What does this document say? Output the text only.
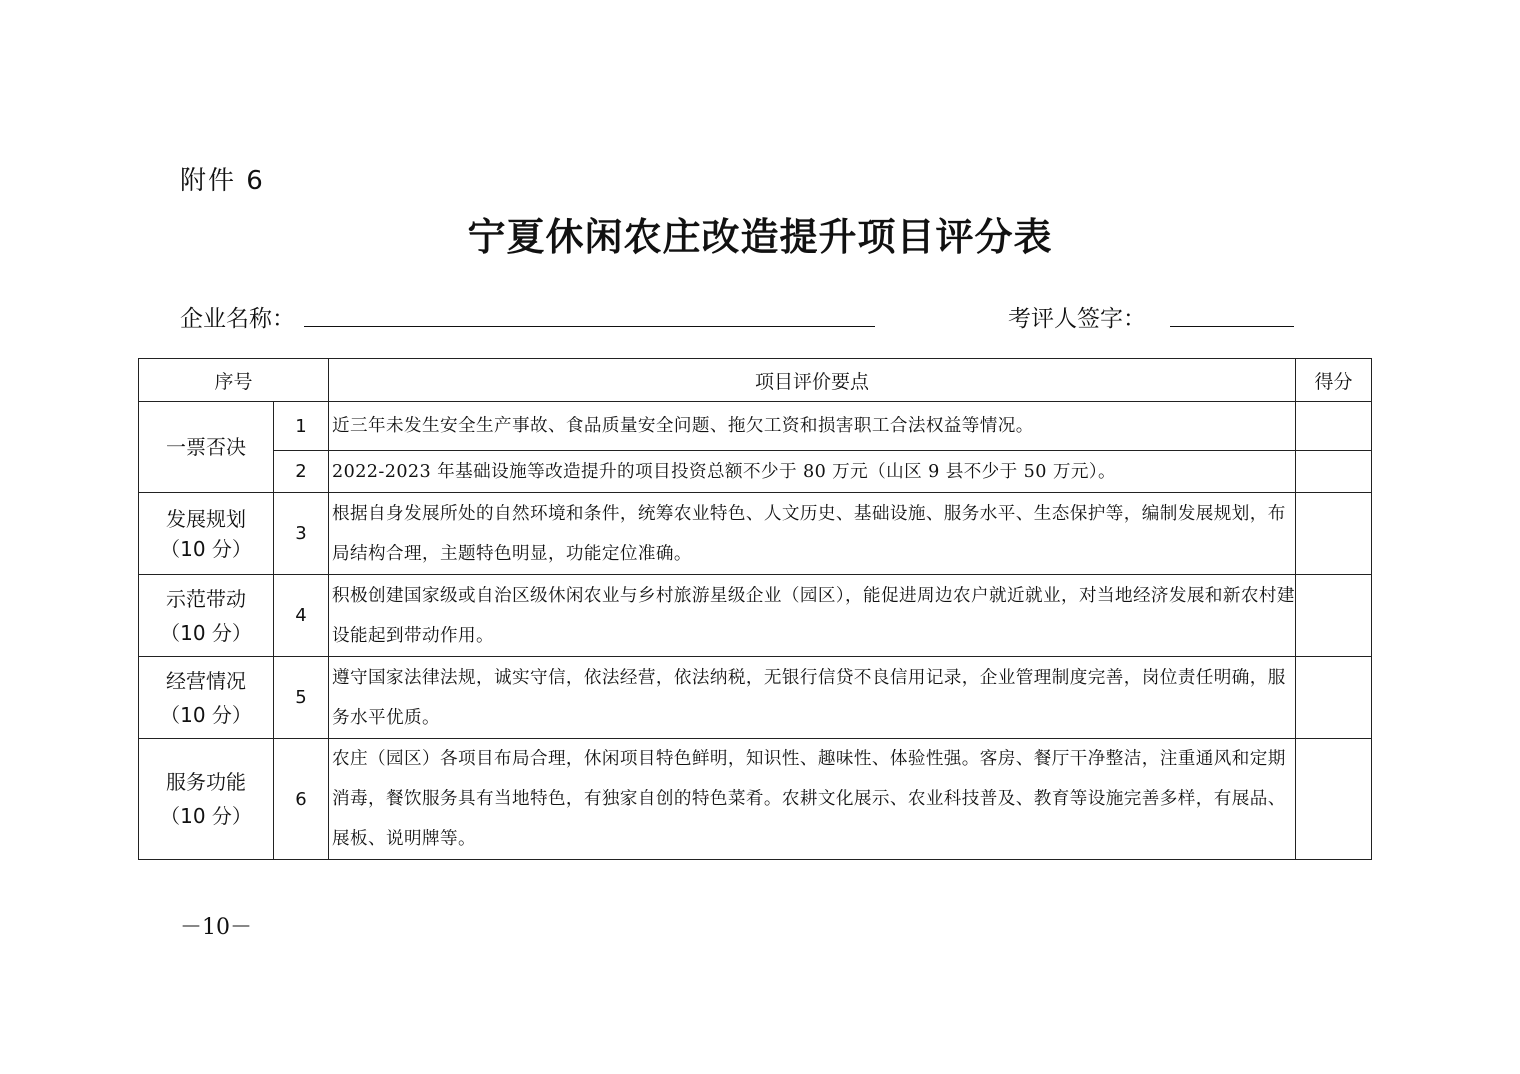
附件 6
宁夏休闲农庄改造提升项目评分表
企业名称：	考评人签字：
序号		项目评价要点	得分
一票否决	1	近三年未发生安全生产事故、食品质量安全问题、拖欠工资和损害职工合法权益等情况。	
	2	2022-2023 年基础设施等改造提升的项目投资总额不少于 80 万元（山区 9 县不少于 50 万元）。	

发展规划
（10 分）	3	根据自身发展所处的自然环境和条件，统筹农业特色、人文历史、基础设施、服务水平、生态保护等，编制发展规划，布局结构合理，主题特色明显，功能定位准确。	

示范带动
（10 分）	4	积极创建国家级或自治区级休闲农业与乡村旅游星级企业（园区），能促进周边农户就近就业，对当地经济发展和新农村建设能起到带动作用。	

经营情况
（10 分）	5	遵守国家法律法规，诚实守信，依法经营，依法纳税，无银行信贷不良信用记录，企业管理制度完善，岗位责任明确，服务水平优质。	

服务功能
（10 分）	6	农庄（园区）各项目布局合理，休闲项目特色鲜明，知识性、趣味性、体验性强。客房、餐厅干净整洁，注重通风和定期消毒，餐饮服务具有当地特色，有独家自创的特色菜肴。农耕文化展示、农业科技普及、教育等设施完善多样，有展品、展板、说明牌等。	
－10－
